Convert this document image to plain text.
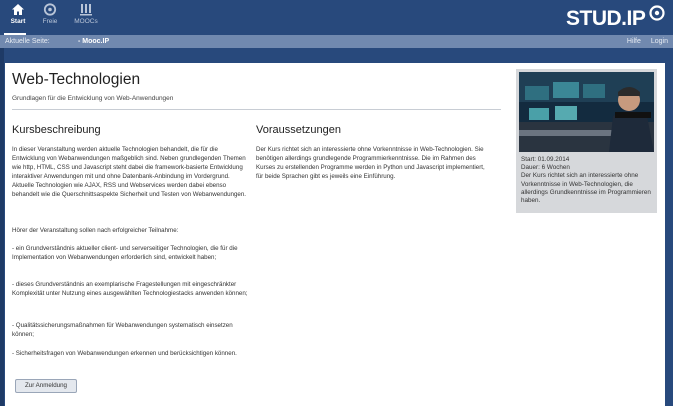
Start	Freie	MOOCs	STUD.IP
Aktuelle Seite:	- Mooc.IP	Hilfe Login
Web-Technologien
Grundlagen für die Entwicklung von Web-Anwendungen
Kursbeschreibung
In dieser Veranstaltung werden aktuelle Technologien behandelt, die für die Entwicklung von Webanwendungen maßgeblich sind. Neben grundlegenden Themen wie http, HTML, CSS und Javascript steht dabei die framework-basierte Entwicklung interaktiver Anwendungen mit und ohne Datenbank-Anbindung im Vordergrund. Aktuelle Technologien wie AJAX, RSS und Webservices werden dabei ebenso behandelt wie die Querschnittsaspekte Sicherheit und Testen von Webanwendungen.
Hörer der Veranstaltung sollen nach erfolgreicher Teilnahme:
- ein Grundverständnis aktueller client- und serverseitiger Technologien, die für die Implementation von Webanwendungen erforderlich sind, entwickelt haben;
- dieses Grundverständnis an exemplarische Fragestellungen mit eingeschränkter Komplexität unter Nutzung eines ausgewählten Technologiestacks anwenden können;
- Qualitätssicherungsmaßnahmen für Webanwendungen systematisch einsetzen können;
- Sicherheitsfragen von Webanwendungen erkennen und berücksichtigen können.
Voraussetzungen
Der Kurs richtet sich an interessierte ohne Vorkenntnisse in Web-Technologien. Sie benötigen allerdings grundlegende Programmierkenntnisse. Die im Rahmen des Kurses zu erstellenden Programme werden in Python und Javascript implementiert, für beide Sprachen gibt es jeweils eine Einführung.
Zur Anmeldung
Start: 01.09.2014
Dauer: 6 Wochen
Der Kurs richtet sich an interessierte ohne Vorkenntnisse in Web-Technologien, die allerdings Grundkenntnisse im Programmieren haben.
